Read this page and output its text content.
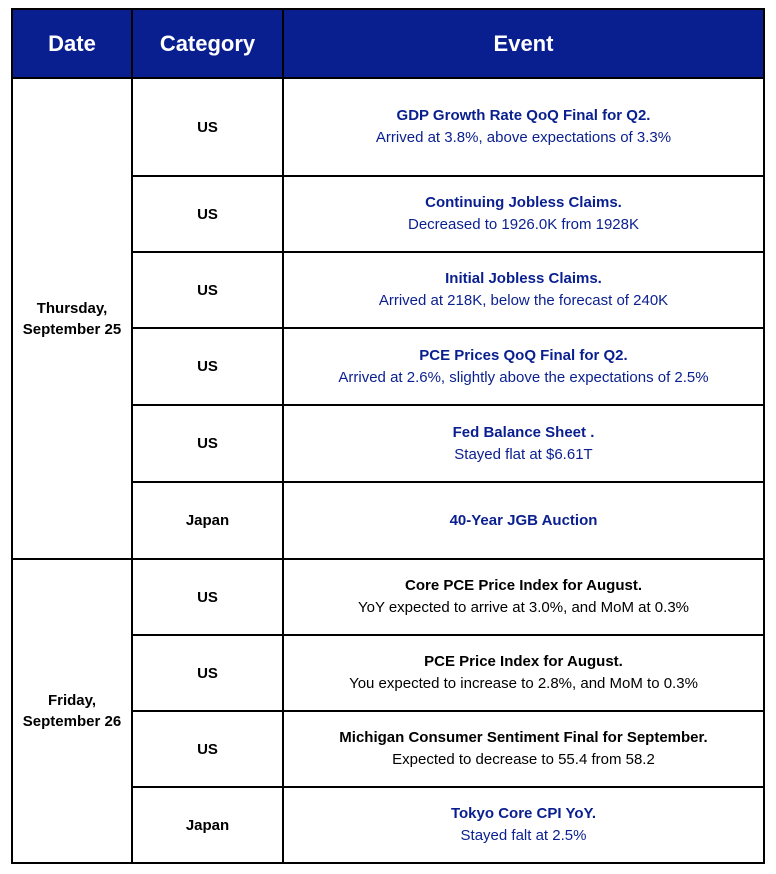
Date	Category	Event
Thursday, September 25	US	GDP Growth Rate QoQ Final for Q2.
Arrived at 3.8%, above expectations of 3.3%

	US	Continuing Jobless Claims.
Decreased to 1926.0K from 1928K

	US	Initial Jobless Claims.
Arrived at 218K, below the forecast of 240K

	US	PCE Prices QoQ Final for Q2.
Arrived at 2.6%, slightly above the expectations of 2.5%

	US	Fed Balance Sheet .
Stayed flat at $6.61T

	Japan	40-Year JGB Auction

Friday, September 26	US	Core PCE Price Index for August.
YoY expected to arrive at 3.0%, and MoM at 0.3%

	US	PCE Price Index for August.
You expected to increase to 2.8%, and MoM to 0.3%

	US	Michigan Consumer Sentiment Final for September.
Expected to decrease to 55.4 from 58.2

	Japan	Tokyo Core CPI YoY.
Stayed falt at 2.5%
